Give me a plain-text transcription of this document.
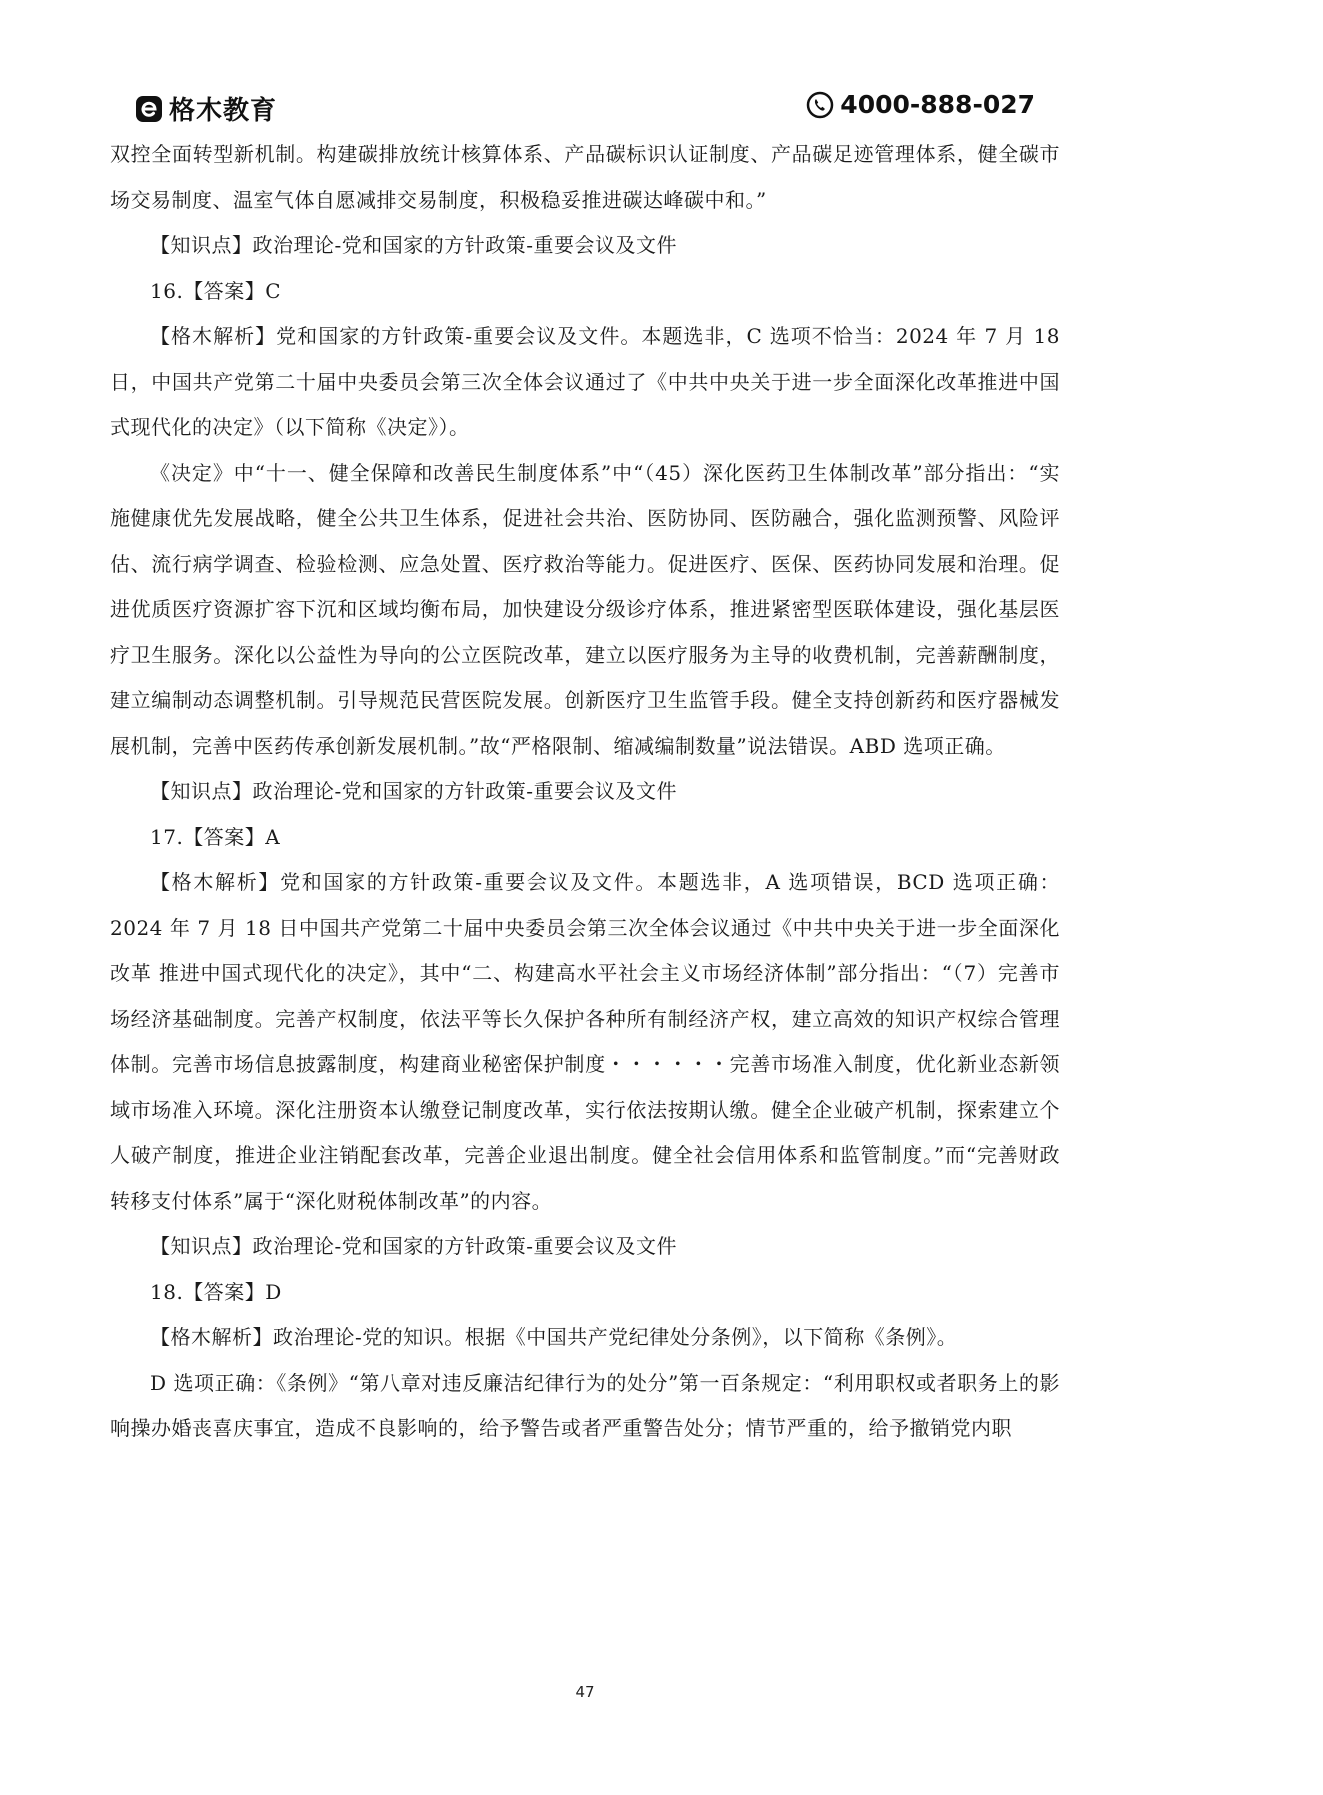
格木教育	4000-888-027

双控全面转型新机制。构建碳排放统计核算体系、产品碳标识认证制度、产品碳足迹管理体系，健全碳市场交易制度、温室气体自愿减排交易制度，积极稳妥推进碳达峰碳中和。”

【知识点】政治理论-党和国家的方针政策-重要会议及文件

16.【答案】C

【格木解析】党和国家的方针政策-重要会议及文件。本题选非，C 选项不恰当：2024 年 7 月 18 日，中国共产党第二十届中央委员会第三次全体会议通过了《中共中央关于进一步全面深化改革推进中国式现代化的决定》（以下简称《决定》）。

《决定》中“十一、健全保障和改善民生制度体系”中“（45）深化医药卫生体制改革”部分指出：“实施健康优先发展战略，健全公共卫生体系，促进社会共治、医防协同、医防融合，强化监测预警、风险评估、流行病学调查、检验检测、应急处置、医疗救治等能力。促进医疗、医保、医药协同发展和治理。促进优质医疗资源扩容下沉和区域均衡布局，加快建设分级诊疗体系，推进紧密型医联体建设，强化基层医疗卫生服务。深化以公益性为导向的公立医院改革，建立以医疗服务为主导的收费机制，完善薪酬制度，建立编制动态调整机制。引导规范民营医院发展。创新医疗卫生监管手段。健全支持创新药和医疗器械发展机制，完善中医药传承创新发展机制。”故“严格限制、缩减编制数量”说法错误。ABD 选项正确。

【知识点】政治理论-党和国家的方针政策-重要会议及文件

17.【答案】A

【格木解析】党和国家的方针政策-重要会议及文件。本题选非，A 选项错误，BCD 选项正确：2024 年 7 月 18 日中国共产党第二十届中央委员会第三次全体会议通过《中共中央关于进一步全面深化改革 推进中国式现代化的决定》，其中“二、构建高水平社会主义市场经济体制”部分指出：“（7）完善市场经济基础制度。完善产权制度，依法平等长久保护各种所有制经济产权，建立高效的知识产权综合管理体制。完善市场信息披露制度，构建商业秘密保护制度・・・・・・完善市场准入制度，优化新业态新领域市场准入环境。深化注册资本认缴登记制度改革，实行依法按期认缴。健全企业破产机制，探索建立个人破产制度，推进企业注销配套改革，完善企业退出制度。健全社会信用体系和监管制度。”而“完善财政转移支付体系”属于“深化财税体制改革”的内容。

【知识点】政治理论-党和国家的方针政策-重要会议及文件

18.【答案】D

【格木解析】政治理论-党的知识。根据《中国共产党纪律处分条例》，以下简称《条例》。

D 选项正确：《条例》“第八章对违反廉洁纪律行为的处分”第一百条规定：“利用职权或者职务上的影响操办婚丧喜庆事宜，造成不良影响的，给予警告或者严重警告处分；情节严重的，给予撤销党内职

47
